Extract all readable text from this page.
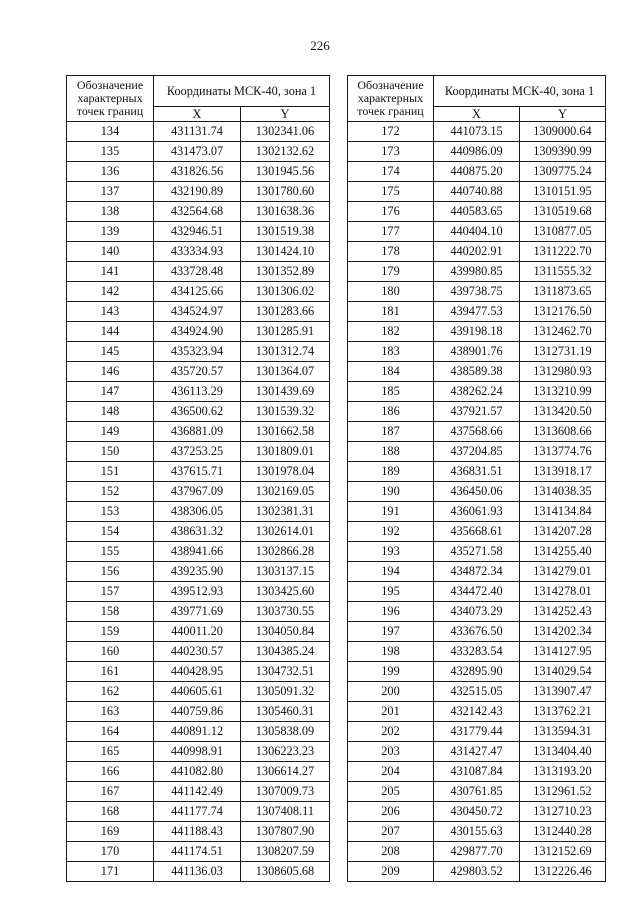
226
Обозначение характерных точек границ	Координаты МСК-40, зона 1	
	X	Y
134	431131.74	1302341.06
135	431473.07	1302132.62
136	431826.56	1301945.56
137	432190.89	1301780.60
138	432564.68	1301638.36
139	432946.51	1301519.38
140	433334.93	1301424.10
141	433728.48	1301352.89
142	434125.66	1301306.02
143	434524.97	1301283.66
144	434924.90	1301285.91
145	435323.94	1301312.74
146	435720.57	1301364.07
147	436113.29	1301439.69
148	436500.62	1301539.32
149	436881.09	1301662.58
150	437253.25	1301809.01
151	437615.71	1301978.04
152	437967.09	1302169.05
153	438306.05	1302381.31
154	438631.32	1302614.01
155	438941.66	1302866.28
156	439235.90	1303137.15
157	439512.93	1303425.60
158	439771.69	1303730.55
159	440011.20	1304050.84
160	440230.57	1304385.24
161	440428.95	1304732.51
162	440605.61	1305091.32
163	440759.86	1305460.31
164	440891.12	1305838.09
165	440998.91	1306223.23
166	441082.80	1306614.27
167	441142.49	1307009.73
168	441177.74	1307408.11
169	441188.43	1307807.90
170	441174.51	1308207.59
171	441136.03	1308605.68
Обозначение характерных точек границ	Координаты МСК-40, зона 1	
	X	Y
172	441073.15	1309000.64
173	440986.09	1309390.99
174	440875.20	1309775.24
175	440740.88	1310151.95
176	440583.65	1310519.68
177	440404.10	1310877.05
178	440202.91	1311222.70
179	439980.85	1311555.32
180	439738.75	1311873.65
181	439477.53	1312176.50
182	439198.18	1312462.70
183	438901.76	1312731.19
184	438589.38	1312980.93
185	438262.24	1313210.99
186	437921.57	1313420.50
187	437568.66	1313608.66
188	437204.85	1313774.76
189	436831.51	1313918.17
190	436450.06	1314038.35
191	436061.93	1314134.84
192	435668.61	1314207.28
193	435271.58	1314255.40
194	434872.34	1314279.01
195	434472.40	1314278.01
196	434073.29	1314252.43
197	433676.50	1314202.34
198	433283.54	1314127.95
199	432895.90	1314029.54
200	432515.05	1313907.47
201	432142.43	1313762.21
202	431779.44	1313594.31
203	431427.47	1313404.40
204	431087.84	1313193.20
205	430761.85	1312961.52
206	430450.72	1312710.23
207	430155.63	1312440.28
208	429877.70	1312152.69
209	429803.52	1312226.46
